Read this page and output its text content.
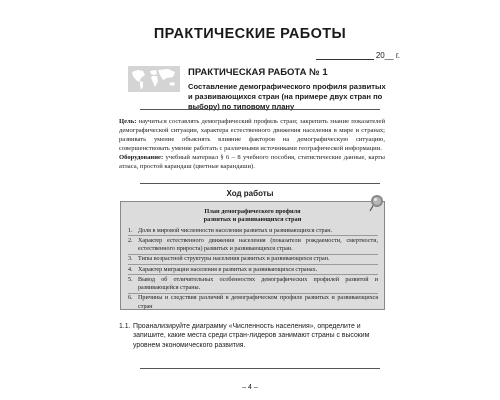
ПРАКТИЧЕСКИЕ РАБОТЫ
20__ г.
ПРАКТИЧЕСКАЯ РАБОТА № 1
Составление демографического профиля развитых и развивающихся стран (на примере двух стран по выбору) по типовому плану
Цель: научиться составлять демографический профиль стран; закрепить знание показателей демографической ситуации, характера естественного движения населения в мире и странах; развивать умение объяснять влияние факторов на демографическую ситуацию, совершенствовать умение работать с различными источниками географической информации.
Оборудование: учебный материал § 6 – 8 учебного пособия, статистические данные, карты атласа, простой карандаш (цветные карандаши).
Ход работы
План демографического профиля
развитых и развивающихся стран
1. Доля в мировой численности населения развитых и развивающихся стран.
2. Характер естественного движения населения (показатели рождаемости, смертности, естественного прироста) развитых и развивающихся стран.
3. Типы возрастной структуры населения развитых и развивающихся стран.
4. Характер миграции населения в развитых и развивающихся странах.
5. Вывод об отличительных особенностях демографических профилей развитой и развивающейся страны.
6. Причины и следствия различий в демографическом профиле развитых и развивающихся стран
1.1. Проанализируйте диаграмму «Численность населения», определите и запишите, какие места среди стран-лидеров занимают страны с высоким уровнем экономического развития.
– 4 –
